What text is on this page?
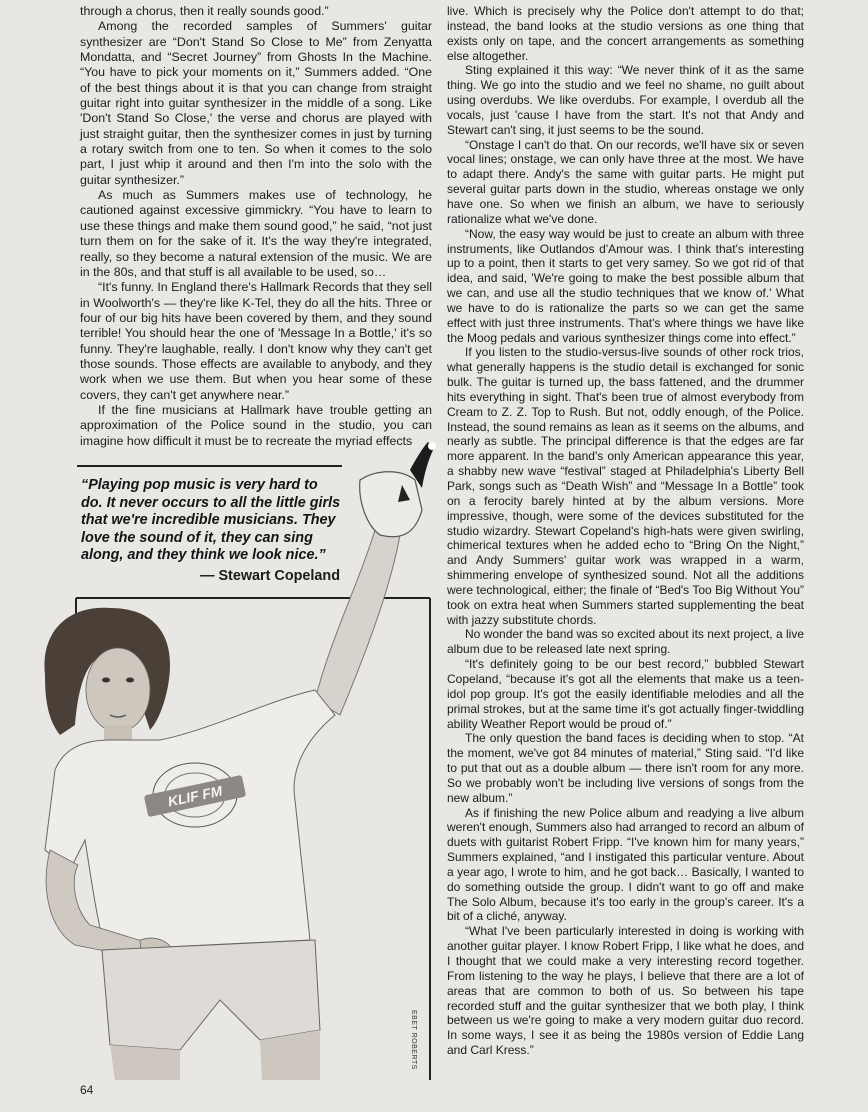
through a chorus, then it really sounds good.”

Among the recorded samples of Summers' guitar synthesizer are “Don't Stand So Close to Me” from Zenyatta Mondatta, and “Secret Journey” from Ghosts In the Machine. “You have to pick your moments on it,” Summers added. “One of the best things about it is that you can change from straight guitar right into guitar synthesizer in the middle of a song. Like 'Don't Stand So Close,' the verse and chorus are played with just straight guitar, then the synthesizer comes in just by turning a rotary switch from one to ten. So when it comes to the solo part, I just whip it around and then I'm into the solo with the guitar synthesizer.”

As much as Summers makes use of technology, he cautioned against excessive gimmickry. “You have to learn to use these things and make them sound good,” he said, “not just turn them on for the sake of it. It's the way they're integrated, really, so they become a natural extension of the music. We are in the 80s, and that stuff is all available to be used, so…

“It's funny. In England there's Hallmark Records that they sell in Woolworth's — they're like K-Tel, they do all the hits. Three or four of our big hits have been covered by them, and they sound terrible! You should hear the one of 'Message In a Bottle,' it's so funny. They're laughable, really. I don't know why they can't get those sounds. Those effects are available to anybody, and they work when we use them. But when you hear some of these covers, they can't get anywhere near.”

If the fine musicians at Hallmark have trouble getting an approximation of the Police sound in the studio, you can imagine how difficult it must be to recreate the myriad effects

live. Which is precisely why the Police don't attempt to do that; instead, the band looks at the studio versions as one thing that exists only on tape, and the concert arrangements as something else altogether.

Sting explained it this way: “We never think of it as the same thing. We go into the studio and we feel no shame, no guilt about using overdubs. We like overdubs. For example, I overdub all the vocals, just 'cause I have from the start. It's not that Andy and Stewart can't sing, it just seems to be the sound.

“Onstage I can't do that. On our records, we'll have six or seven vocal lines; onstage, we can only have three at the most. We have to adapt there. Andy's the same with guitar parts. He might put several guitar parts down in the studio, whereas onstage we only have one. So when we finish an album, we have to seriously rationalize what we've done.

“Now, the easy way would be just to create an album with three instruments, like Outlandos d'Amour was. I think that's interesting up to a point, then it starts to get very samey. So we got rid of that idea, and said, 'We're going to make the best possible album that we can, and use all the studio techniques that we know of.' What we have to do is rationalize the parts so we can get the same effect with just three instruments. That's where things we have like the Moog pedals and various synthesizer things come into effect.”

If you listen to the studio-versus-live sounds of other rock trios, what generally happens is the studio detail is exchanged for sonic bulk. The guitar is turned up, the bass fattened, and the drummer hits everything in sight. That's been true of almost everybody from Cream to Z. Z. Top to Rush. But not, oddly enough, of the Police. Instead, the sound remains as lean as it seems on the albums, and nearly as subtle. The principal difference is that the edges are far more apparent. In the band's only American appearance this year, a shabby new wave “festival” staged at Philadelphia's Liberty Bell Park, songs such as “Death Wish” and “Message In a Bottle” took on a ferocity barely hinted at by the album versions. More impressive, though, were some of the devices substituted for the studio wizardry. Stewart Copeland's high-hats were given swirling, chimerical textures when he added echo to “Bring On the Night,” and Andy Summers' guitar work was wrapped in a warm, shimmering envelope of synthesized sound. Not all the additions were technological, either; the finale of “Bed's Too Big Without You” took on extra heat when Summers started supplementing the beat with jazzy substitute chords.

No wonder the band was so excited about its next project, a live album due to be released late next spring.

“It's definitely going to be our best record,” bubbled Stewart Copeland, “because it's got all the elements that make us a teen-idol pop group. It's got the easily identifiable melodies and all the primal strokes, but at the same time it's got actually finger-twiddling ability Weather Report would be proud of.”

The only question the band faces is deciding when to stop. “At the moment, we've got 84 minutes of material,” Sting said. “I'd like to put that out as a double album — there isn't room for any more. So we probably won't be including live versions of songs from the new album.”

As if finishing the new Police album and readying a live album weren't enough, Summers also had arranged to record an album of duets with guitarist Robert Fripp. “I've known him for many years,” Summers explained, “and I instigated this particular venture. About a year ago, I wrote to him, and he got back… Basically, I wanted to do something outside the group. I didn't want to go off and make The Solo Album, because it's too early in the group's career. It's a bit of a cliché, anyway.

“What I've been particularly interested in doing is working with another guitar player. I know Robert Fripp, I like what he does, and I thought that we could make a very interesting record together. From listening to the way he plays, I believe that there are a lot of areas that are common to both of us. So between his tape recorded stuff and the guitar synthesizer that we both play, I think between us we're going to make a very modern guitar duo record. In some ways, I see it as being the 1980s version of Eddie Lang and Carl Kress.”

KLIF FM
“Playing pop music is very hard to do. It never occurs to all the little girls that we're incredible musicians. They love the sound of it, they can sing along, and they think we look nice.”
— Stewart Copeland
EBET ROBERTS
64
